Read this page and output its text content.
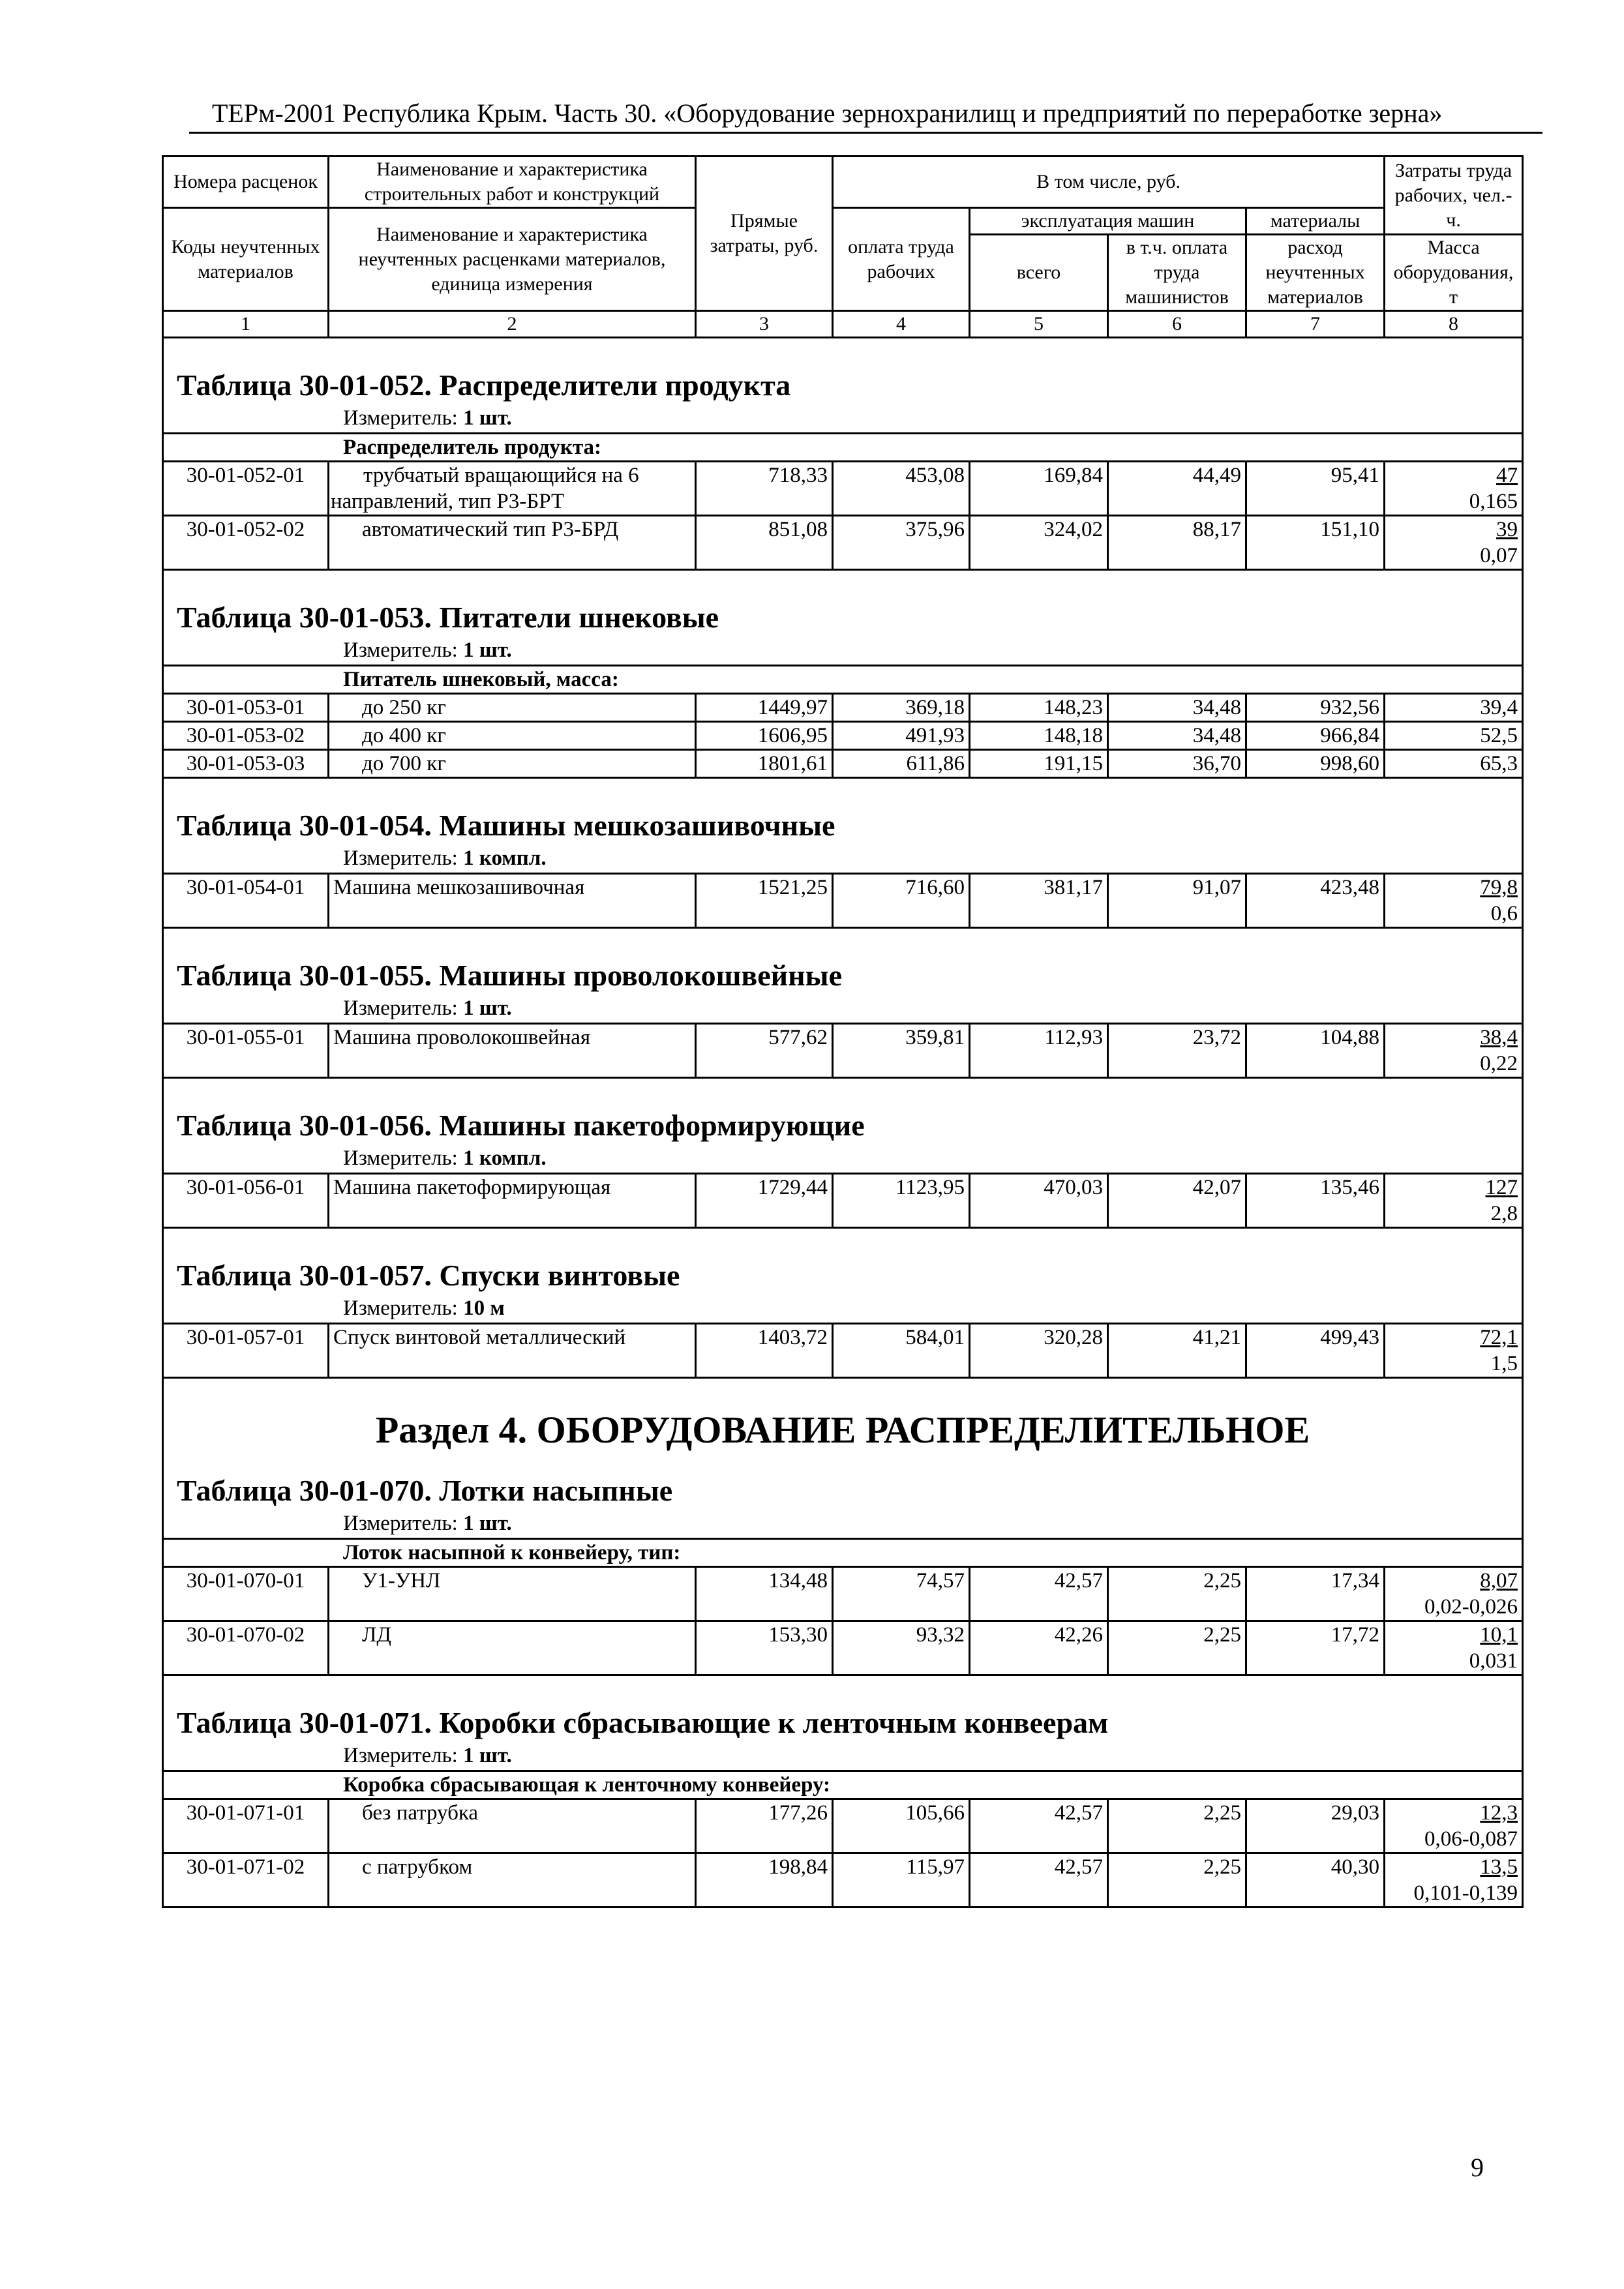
ТЕРм-2001 Республика Крым. Часть 30. «Оборудование зернохранилищ и предприятий по переработке зерна»
Номера расценок	Наименование и характеристика строительных работ и конструкций	Прямые затраты, руб.	В том числе, руб.				Затраты труда рабочих, чел.-ч.
Коды неучтенных материалов	Наименование и характеристика неучтенных расценками материалов, единица измерения		оплата труда рабочих	эксплуатация машин		материалы	
				всего	в т.ч. оплата труда машинистов	расход неучтенных материалов	
							Масса оборудования, т
1	2	3	4	5	6	7	8
Таблица 30-01-052. Распределители продукта							
Измеритель: 1 шт.							
Распределитель продукта:							
30-01-052-01	трубчатый вращающийся на 6 направлений, тип Р3-БРТ	718,33	453,08	169,84	44,49	95,41	47
0,165

30-01-052-02	автоматический тип Р3-БРД	851,08	375,96	324,02	88,17	151,10	39
0,07

Таблица 30-01-053. Питатели шнековые							
Измеритель: 1 шт.							
Питатель шнековый, масса:							
30-01-053-01	до 250 кг	1449,97	369,18	148,23	34,48	932,56	39,4
30-01-053-02	до 400 кг	1606,95	491,93	148,18	34,48	966,84	52,5
30-01-053-03	до 700 кг	1801,61	611,86	191,15	36,70	998,60	65,3
Таблица 30-01-054. Машины мешкозашивочные							
Измеритель: 1 компл.							
30-01-054-01	Машина мешкозашивочная	1521,25	716,60	381,17	91,07	423,48	79,8
0,6

Таблица 30-01-055. Машины проволокошвейные							
Измеритель: 1 шт.							
30-01-055-01	Машина проволокошвейная	577,62	359,81	112,93	23,72	104,88	38,4
0,22

Таблица 30-01-056. Машины пакетоформирующие							
Измеритель: 1 компл.							
30-01-056-01	Машина пакетоформирующая	1729,44	1123,95	470,03	42,07	135,46	127
2,8

Таблица 30-01-057. Спуски винтовые							
Измеритель: 10 м							
30-01-057-01	Спуск винтовой металлический	1403,72	584,01	320,28	41,21	499,43	72,1
1,5

Раздел 4. ОБОРУДОВАНИЕ РАСПРЕДЕЛИТЕЛЬНОЕ							
Таблица 30-01-070. Лотки насыпные							
Измеритель: 1 шт.							
Лоток насыпной к конвейеру, тип:							
30-01-070-01	У1-УНЛ	134,48	74,57	42,57	2,25	17,34	8,07
0,02-0,026

30-01-070-02	ЛД	153,30	93,32	42,26	2,25	17,72	10,1
0,031

Таблица 30-01-071. Коробки сбрасывающие к ленточным конвеерам							
Измеритель: 1 шт.							
Коробка сбрасывающая к ленточному конвейеру:							
30-01-071-01	без патрубка	177,26	105,66	42,57	2,25	29,03	12,3
0,06-0,087

30-01-071-02	с патрубком	198,84	115,97	42,57	2,25	40,30	13,5
0,101-0,139
9
